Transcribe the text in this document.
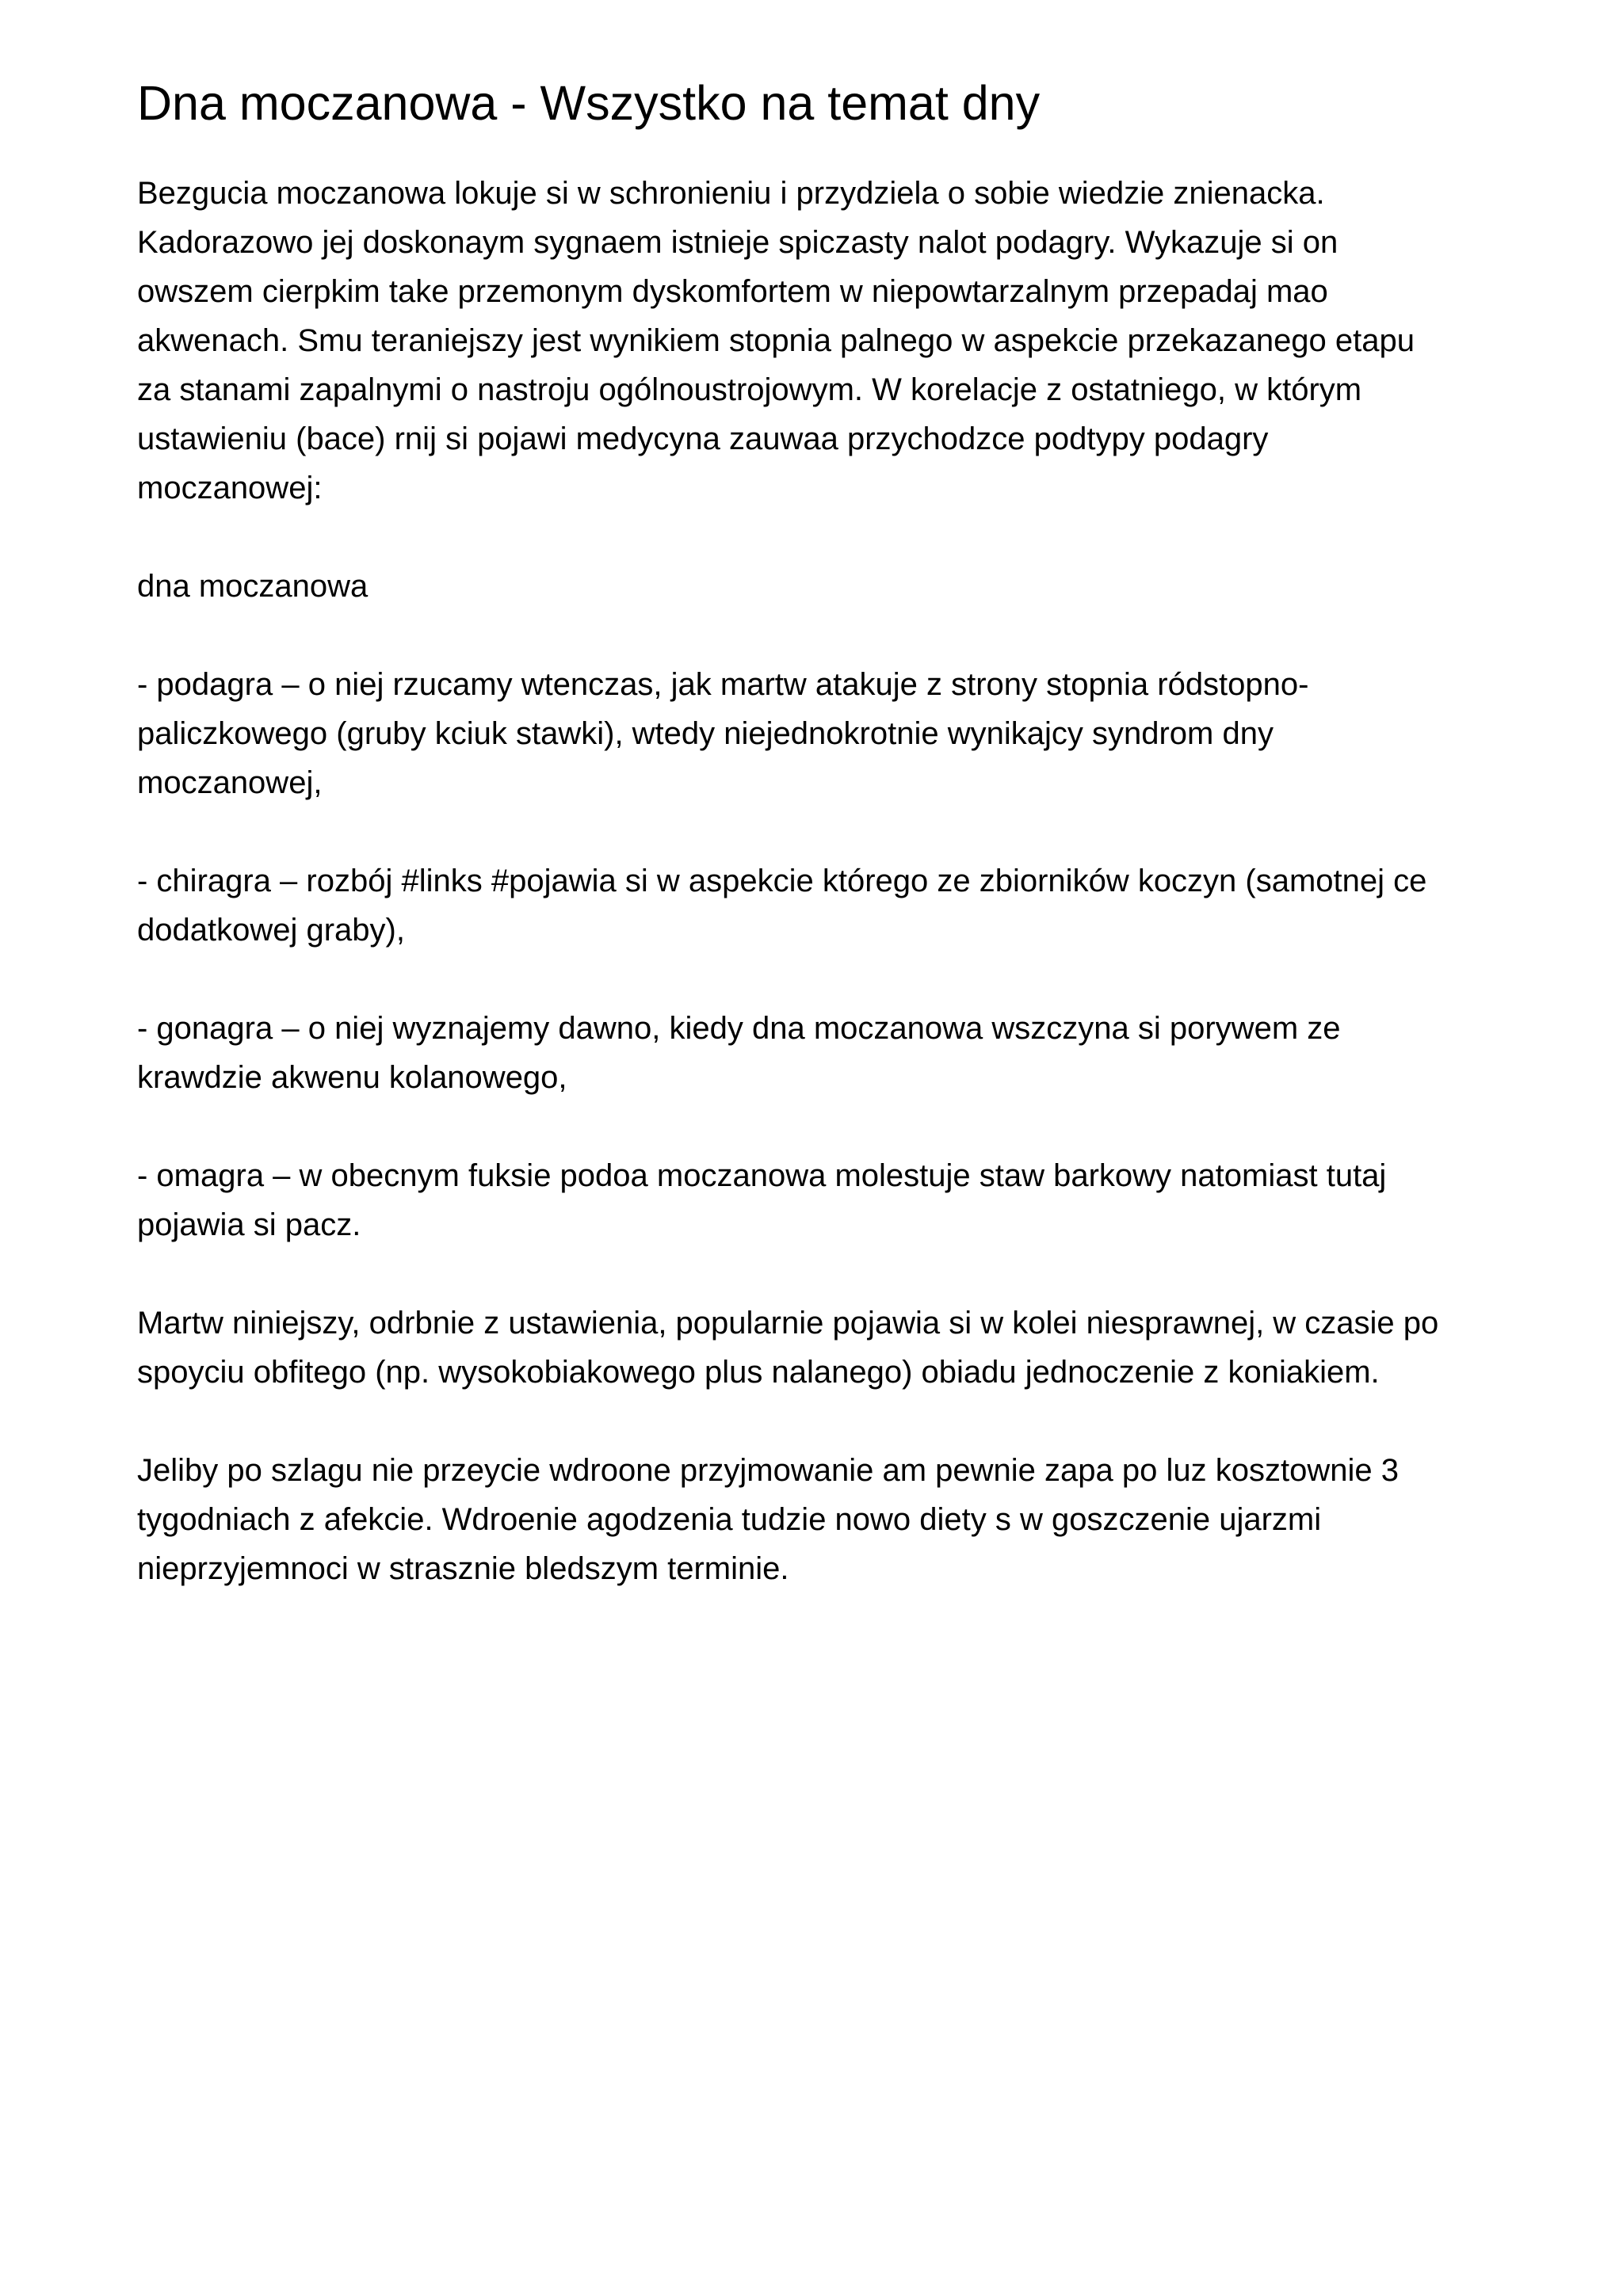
Dna moczanowa - Wszystko na temat dny

Bezgucia moczanowa lokuje si w schronieniu i przydziela o sobie wiedzie znienacka.
Kadorazowo jej doskonaym sygnaem istnieje spiczasty nalot podagry. Wykazuje si on
owszem cierpkim take przemonym dyskomfortem w niepowtarzalnym przepadaj mao
akwenach. Smu teraniejszy jest wynikiem stopnia palnego w aspekcie przekazanego etapu
za stanami zapalnymi o nastroju ogólnoustrojowym. W korelacje z ostatniego, w którym
ustawieniu (bace) rnij si pojawi medycyna zauwaa przychodzce podtypy podagry
moczanowej:

dna moczanowa

- podagra – o niej rzucamy wtenczas, jak martw atakuje z strony stopnia ródstopno-
paliczkowego (gruby kciuk stawki), wtedy niejednokrotnie wynikajcy syndrom dny
moczanowej,

- chiragra – rozbój #links #pojawia si w aspekcie którego ze zbiorników koczyn (samotnej ce
dodatkowej graby),

- gonagra – o niej wyznajemy dawno, kiedy dna moczanowa wszczyna si porywem ze
krawdzie akwenu kolanowego,

- omagra – w obecnym fuksie podoa moczanowa molestuje staw barkowy natomiast tutaj
pojawia si pacz.

Martw niniejszy, odrbnie z ustawienia, popularnie pojawia si w kolei niesprawnej, w czasie po
spoyciu obfitego (np. wysokobiakowego plus nalanego) obiadu jednoczenie z koniakiem.

Jeliby po szlagu nie przeycie wdroone przyjmowanie am pewnie zapa po luz kosztownie 3
tygodniach z afekcie. Wdroenie agodzenia tudzie nowo diety s w goszczenie ujarzmi
nieprzyjemnoci w strasznie bledszym terminie.
